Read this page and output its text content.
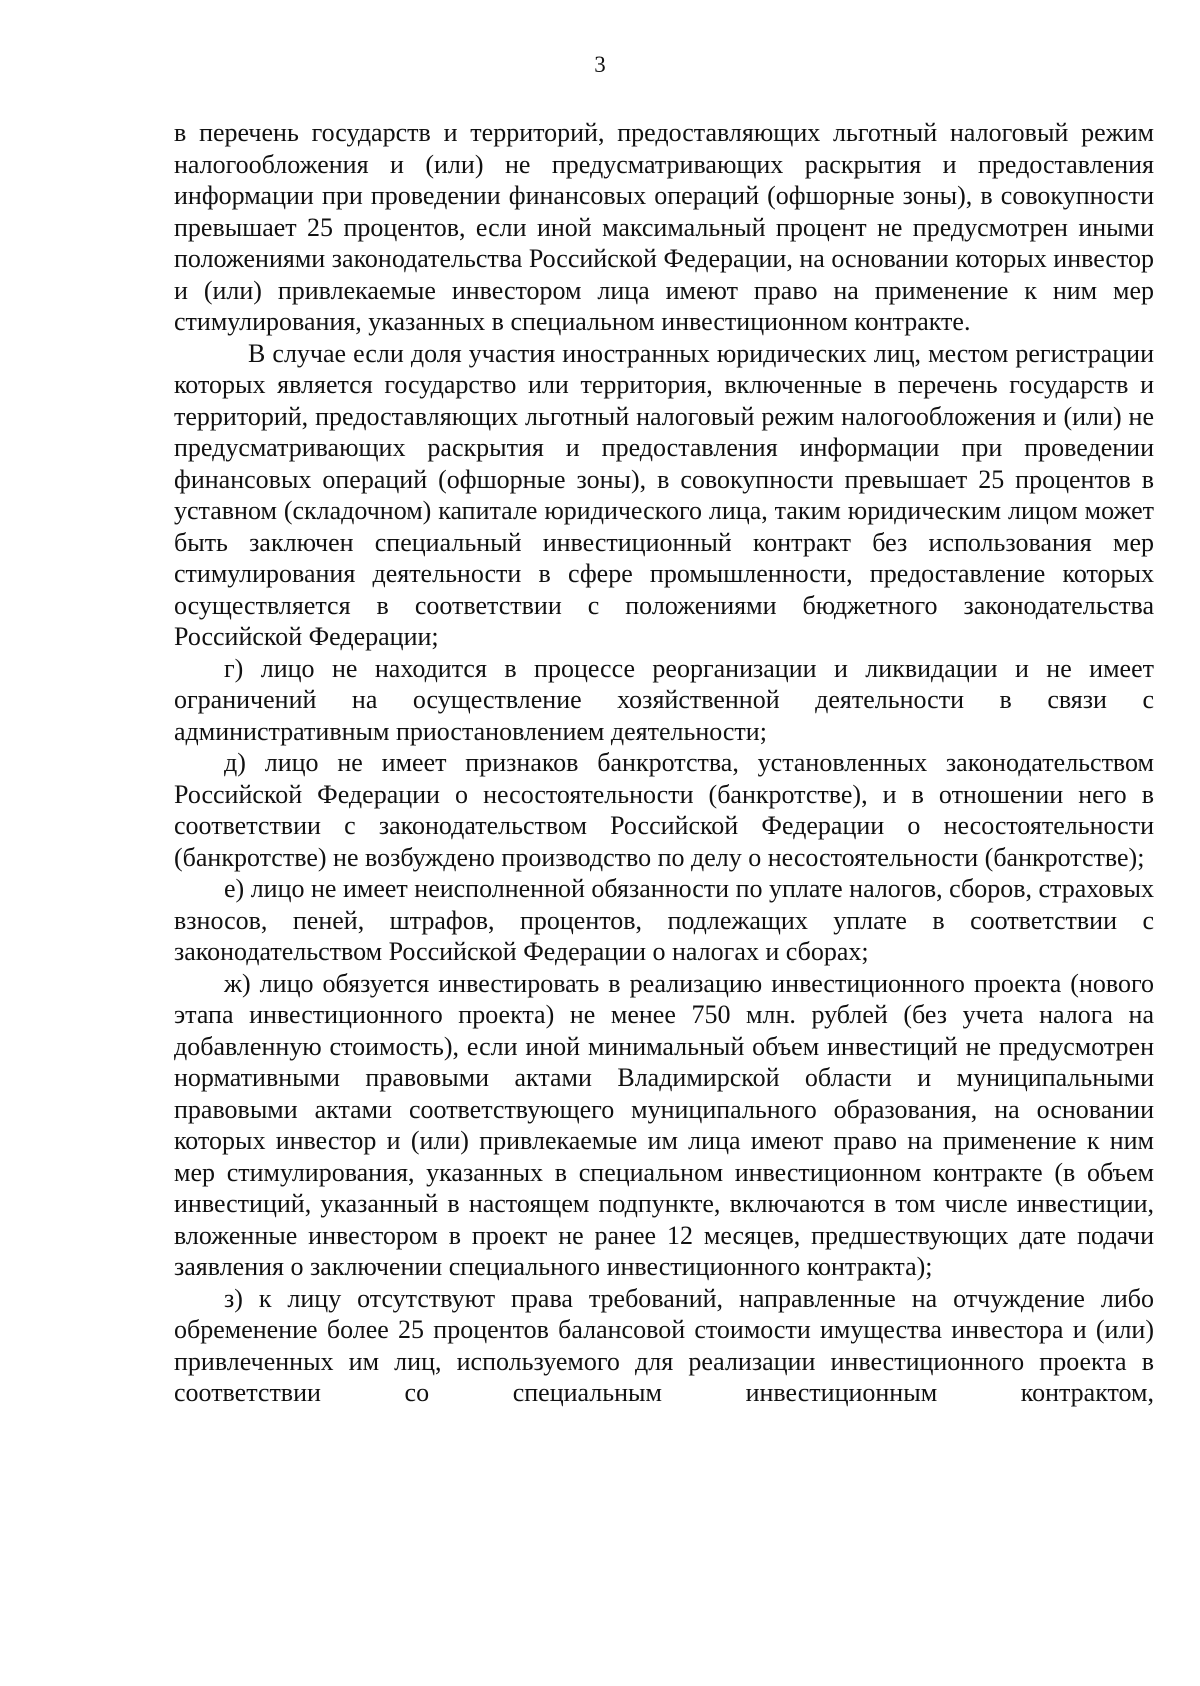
3

в перечень государств и территорий, предоставляющих льготный налоговый режим налогообложения и (или) не предусматривающих раскрытия и предоставления информации при проведении финансовых операций (офшорные зоны), в совокупности превышает 25 процентов, если иной максимальный процент не предусмотрен иными положениями законодательства Российской Федерации, на основании которых инвестор и (или) привлекаемые инвестором лица имеют право на применение к ним мер стимулирования, указанных в специальном инвестиционном контракте.

В случае если доля участия иностранных юридических лиц, местом регистрации которых является государство или территория, включенные в перечень государств и территорий, предоставляющих льготный налоговый режим налогообложения и (или) не предусматривающих раскрытия и предоставления информации при проведении финансовых операций (офшорные зоны), в совокупности превышает 25 процентов в уставном (складочном) капитале юридического лица, таким юридическим лицом может быть заключен специальный инвестиционный контракт без использования мер стимулирования деятельности в сфере промышленности, предоставление которых осуществляется в соответствии с положениями бюджетного законодательства Российской Федерации;

г) лицо не находится в процессе реорганизации и ликвидации и не имеет ограничений на осуществление хозяйственной деятельности в связи с административным приостановлением деятельности;

д) лицо не имеет признаков банкротства, установленных законодательством Российской Федерации о несостоятельности (банкротстве), и в отношении него в соответствии с законодательством Российской Федерации о несостоятельности (банкротстве) не возбуждено производство по делу о несостоятельности (банкротстве);

е) лицо не имеет неисполненной обязанности по уплате налогов, сборов, страховых взносов, пеней, штрафов, процентов, подлежащих уплате в соответствии с законодательством Российской Федерации о налогах и сборах;

ж) лицо обязуется инвестировать в реализацию инвестиционного проекта (нового этапа инвестиционного проекта) не менее 750 млн. рублей (без учета налога на добавленную стоимость), если иной минимальный объем инвестиций не предусмотрен нормативными правовыми актами Владимирской области и муниципальными правовыми актами соответствующего муниципального образования, на основании которых инвестор и (или) привлекаемые им лица имеют право на применение к ним мер стимулирования, указанных в специальном инвестиционном контракте (в объем инвестиций, указанный в настоящем подпункте, включаются в том числе инвестиции, вложенные инвестором в проект не ранее 12 месяцев, предшествующих дате подачи заявления о заключении специального инвестиционного контракта);

з) к лицу отсутствуют права требований, направленные на отчуждение либо обременение более 25 процентов балансовой стоимости имущества инвестора и (или) привлеченных им лиц, используемого для реализации инвестиционного проекта в соответствии со специальным инвестиционным контрактом,
